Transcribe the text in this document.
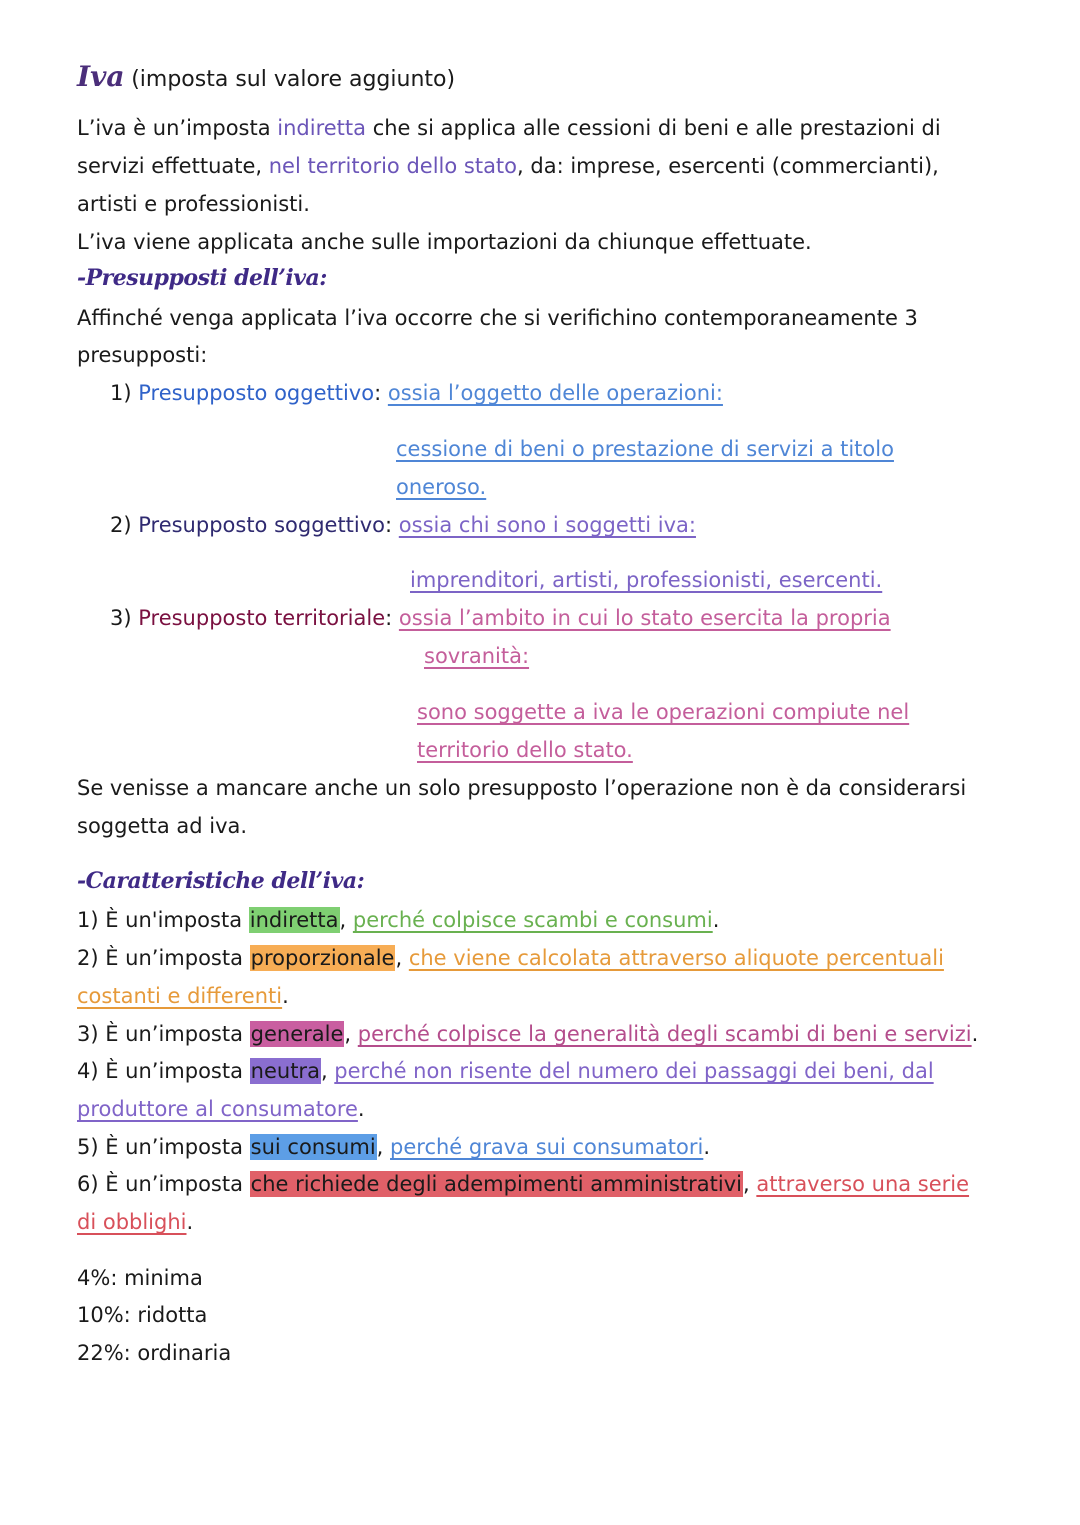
Iva (imposta sul valore aggiunto)
L’iva è un’imposta indiretta che si applica alle cessioni di beni e alle prestazioni di
servizi effettuate, nel territorio dello stato, da: imprese, esercenti (commercianti),
artisti e professionisti.
L’iva viene applicata anche sulle importazioni da chiunque effettuate.
-Presupposti dell’iva:
Affinché venga applicata l’iva occorre che si verifichino contemporaneamente 3
presupposti:
1) Presupposto oggettivo: ossia l’oggetto delle operazioni:
cessione di beni o prestazione di servizi a titolo
oneroso.
2) Presupposto soggettivo: ossia chi sono i soggetti iva:
imprenditori, artisti, professionisti, esercenti.
3) Presupposto territoriale: ossia l’ambito in cui lo stato esercita la propria
sovranità:
sono soggette a iva le operazioni compiute nel
territorio dello stato.
Se venisse a mancare anche un solo presupposto l’operazione non è da considerarsi
soggetta ad iva.
-Caratteristiche dell’iva:
1) È un'imposta indiretta, perché colpisce scambi e consumi.
2) È un’imposta proporzionale, che viene calcolata attraverso aliquote percentuali
costanti e differenti.
3) È un’imposta generale, perché colpisce la generalità degli scambi di beni e servizi.
4) È un’imposta neutra, perché non risente del numero dei passaggi dei beni, dal
produttore al consumatore.
5) È un’imposta sui consumi, perché grava sui consumatori.
6) È un’imposta che richiede degli adempimenti amministrativi, attraverso una serie
di obblighi.
4%: minima
10%: ridotta
22%: ordinaria
